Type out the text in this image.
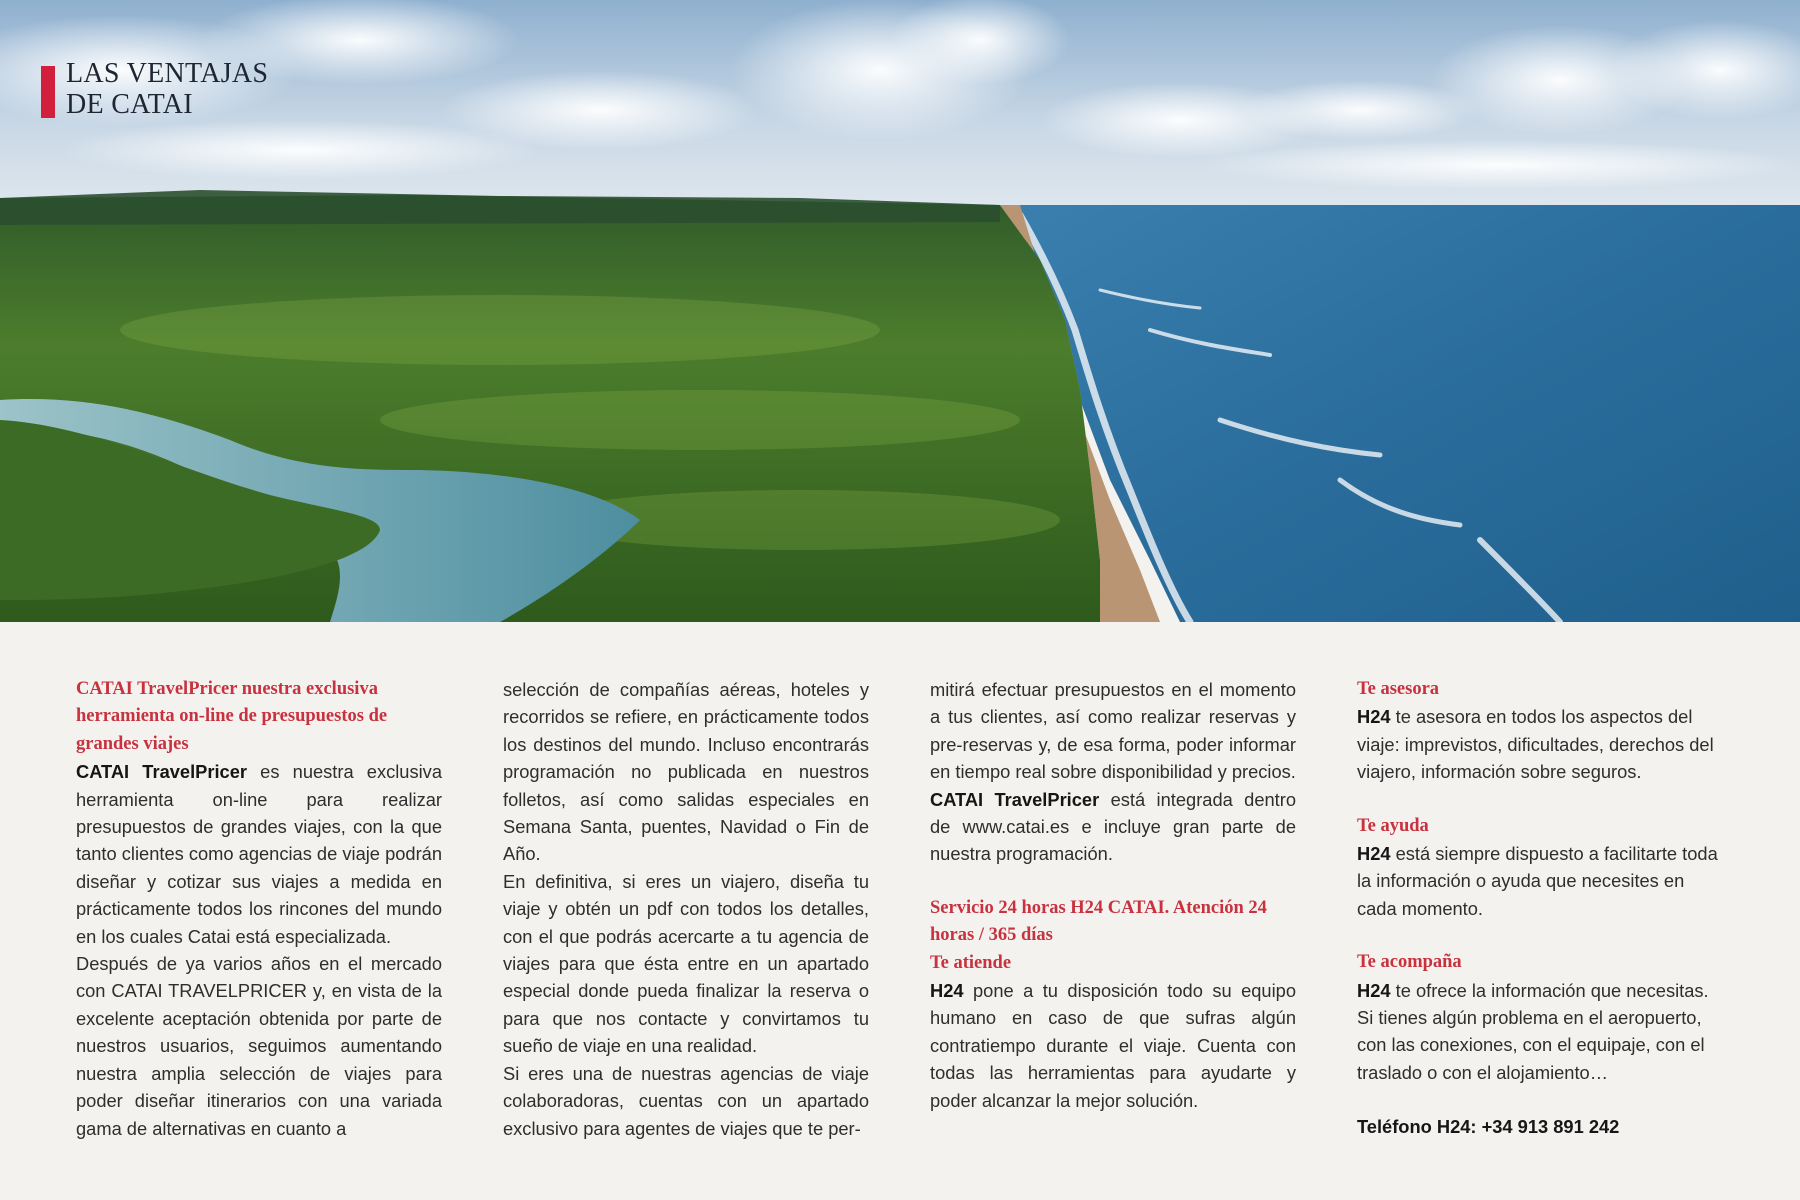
LAS VENTAJAS
DE CATAI

CATAI TravelPricer nuestra exclusiva herramienta on-line de presupuestos de grandes viajes

CATAI TravelPricer es nuestra exclusiva herramienta on-line para realizar presupuestos de grandes viajes, con la que tanto clientes como agencias de viaje podrán diseñar y cotizar sus viajes a medida en prácticamente todos los rincones del mundo en los cuales Catai está especializada.

Después de ya varios años en el mercado con CATAI TRAVELPRICER y, en vista de la excelente aceptación obtenida por parte de nuestros usuarios, seguimos aumentando nuestra amplia selección de viajes para poder diseñar itinerarios con una variada gama de alternativas en cuanto a

selección de compañías aéreas, hoteles y recorridos se refiere, en prácticamente todos los destinos del mundo. Incluso encontrarás programación no publicada en nuestros folletos, así como salidas especiales en Semana Santa, puentes, Navidad o Fin de Año.

En definitiva, si eres un viajero, diseña tu viaje y obtén un pdf con todos los detalles, con el que podrás acercarte a tu agencia de viajes para que ésta entre en un apartado especial donde pueda finalizar la reserva o para que nos contacte y convirtamos tu sueño de viaje en una realidad.

Si eres una de nuestras agencias de viaje colaboradoras, cuentas con un apartado exclusivo para agentes de viajes que te per-

mitirá efectuar presupuestos en el momento a tus clientes, así como realizar reservas y pre-reservas y, de esa forma, poder informar en tiempo real sobre disponibilidad y precios.

CATAI TravelPricer está integrada dentro de www.catai.es e incluye gran parte de nuestra programación.

Servicio 24 horas H24 CATAI. Atención 24 horas / 365 días

Te atiende

H24 pone a tu disposición todo su equipo humano en caso de que sufras algún contratiempo durante el viaje. Cuenta con todas las herramientas para ayudarte y poder alcanzar la mejor solución.

Te asesora

H24 te asesora en todos los aspectos del viaje: imprevistos, dificultades, derechos del viajero, información sobre seguros.

Te ayuda

H24 está siempre dispuesto a facilitarte toda la información o ayuda que necesites en cada momento.

Te acompaña

H24 te ofrece la información que necesitas. Si tienes algún problema en el aeropuerto, con las conexiones, con el equipaje, con el traslado o con el alojamiento…

Teléfono H24: +34 913 891 242
